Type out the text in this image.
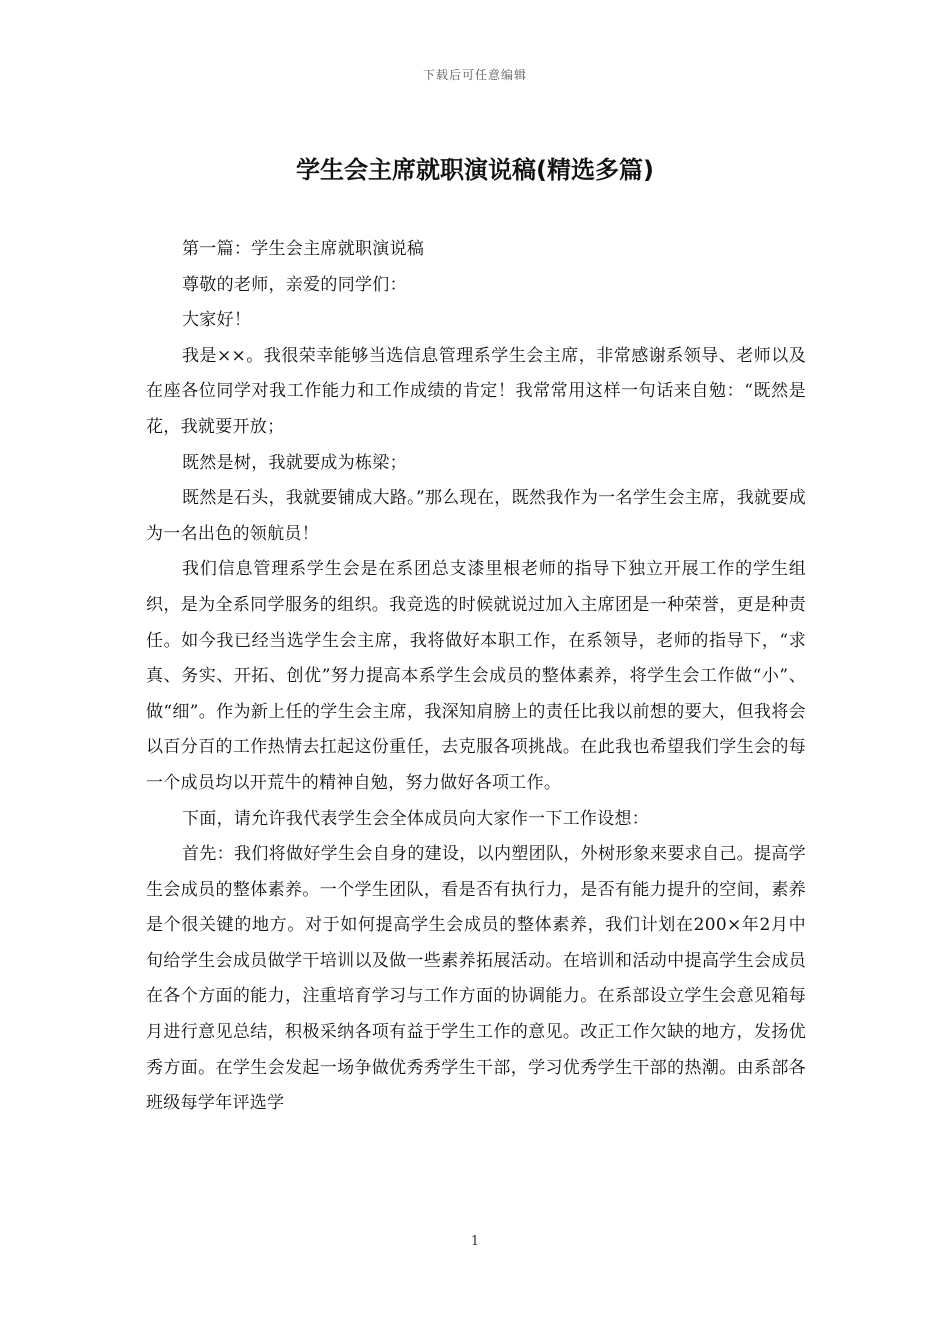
下载后可任意编辑
学生会主席就职演说稿(精选多篇)

第一篇：学生会主席就职演说稿

尊敬的老师，亲爱的同学们：

大家好！

我是××。我很荣幸能够当选信息管理系学生会主席，非常感谢系领导、老师以及在座各位同学对我工作能力和工作成绩的肯定！我常常用这样一句话来自勉：“既然是花，我就要开放；

既然是树，我就要成为栋梁；

既然是石头，我就要铺成大路。”那么现在，既然我作为一名学生会主席，我就要成为一名出色的领航员！

我们信息管理系学生会是在系团总支漆里根老师的指导下独立开展工作的学生组织，是为全系同学服务的组织。我竞选的时候就说过加入主席团是一种荣誉，更是种责任。如今我已经当选学生会主席，我将做好本职工作，在系领导，老师的指导下，“求真、务实、开拓、创优”努力提高本系学生会成员的整体素养，将学生会工作做“小”、做“细”。作为新上任的学生会主席，我深知肩膀上的责任比我以前想的要大，但我将会以百分百的工作热情去扛起这份重任，去克服各项挑战。在此我也希望我们学生会的每一个成员均以开荒牛的精神自勉，努力做好各项工作。

下面，请允许我代表学生会全体成员向大家作一下工作设想：

首先：我们将做好学生会自身的建设，以内塑团队，外树形象来要求自己。提高学生会成员的整体素养。一个学生团队，看是否有执行力，是否有能力提升的空间，素养是个很关键的地方。对于如何提高学生会成员的整体素养，我们计划在200×年2月中旬给学生会成员做学干培训以及做一些素养拓展活动。在培训和活动中提高学生会成员在各个方面的能力，注重培育学习与工作方面的协调能力。在系部设立学生会意见箱每月进行意见总结，积极采纳各项有益于学生工作的意见。改正工作欠缺的地方，发扬优秀方面。在学生会发起一场争做优秀秀学生干部，学习优秀学生干部的热潮。由系部各班级每学年评选学

1
